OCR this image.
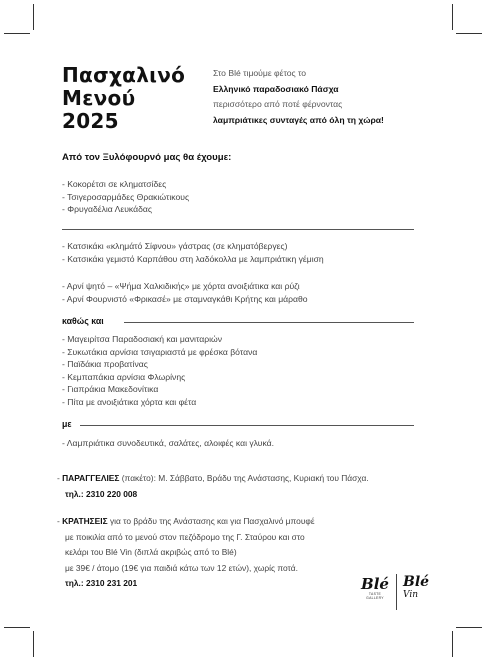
Πασχαλινό
Μενού
2025
Στο Blé τιμούμε φέτος το
Ελληνικό παραδοσιακό Πάσχα
περισσότερο από ποτέ φέρνοντας
λαμπριάτικες συνταγές από όλη τη χώρα!
Από τον Ξυλόφουρνό μας θα έχουμε:
- Κοκορέτσι σε κληματσίδες
- Τσιγεροσαρμάδες Θρακιώτικους
- Φρυγαδέλια Λευκάδας
- Κατσικάκι «κλημάτό Σίφνου» γάστρας (σε κληματόβεργες)
- Κατσικάκι γεμιστό Καρπάθου στη λαδόκολλα με λαμπριάτικη γέμιση
- Αρνί ψητό – «Ψήμα Χαλκιδικής» με χόρτα ανοιξιάτικα και ρύζι
- Αρνί Φουρνιστό «Φρικασέ» με σταμναγκάθι Κρήτης και μάραθο
καθώς και
- Μαγειρίτσα Παραδοσιακή και μανιταριών
- Συκωτάκια αρνίσια τσιγαριαστά με φρέσκα βότανα
- Παϊδάκια προβατίνας
- Κεμπαπάκια αρνίσια Φλωρίνης
- Γιαπράκια Μακεδονίτικα
- Πίτα με ανοιξιάτικα χόρτα και φέτα
με
- Λαμπριάτικα συνοδευτικά, σαλάτες, αλοιφές και γλυκά.
- ΠΑΡΑΓΓΕΛΙΕΣ (πακέτο): Μ. Σάββατο, Βράδυ της Ανάστασης, Κυριακή του Πάσχα.
τηλ.: 2310 220 008
- ΚΡΑΤΗΣΕΙΣ για το βράδυ της Ανάστασης και για Πασχαλινό μπουφέ
με ποικιλία από το μενού στον πεζόδρομο της Γ. Σταύρου και στο
κελάρι του Blé Vin (διπλά ακριβώς από το Blé)
με 39€ / άτομο (19€ για παιδιά κάτω των 12 ετών), χωρίς ποτά.
τηλ.: 2310 231 201	Blé
TASTE
GALLERY
Blé
Vin
